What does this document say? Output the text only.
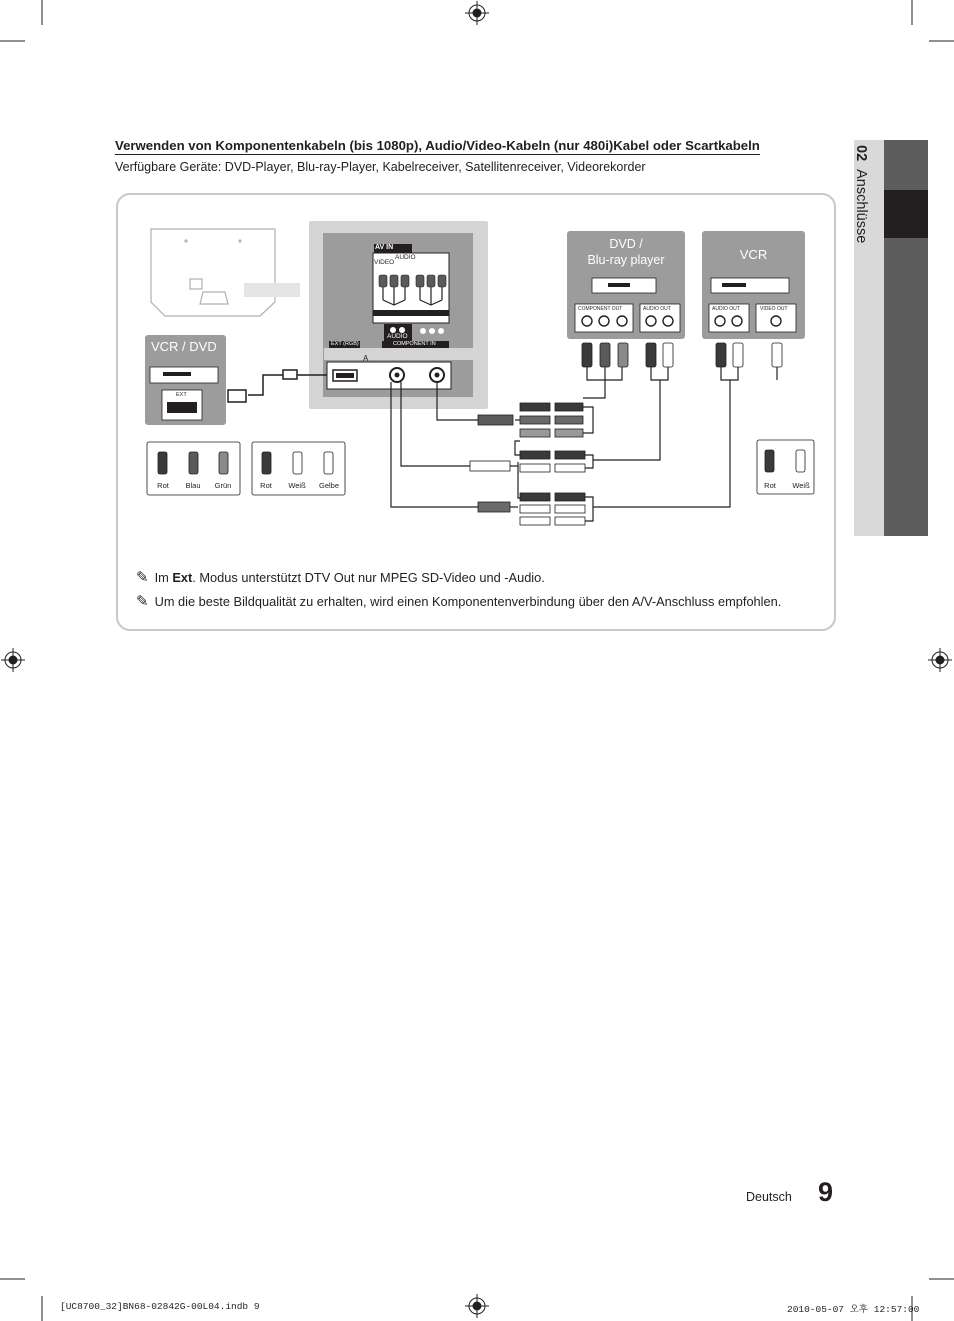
02Anschlüsse
Verwenden von Komponentenkabeln (bis 1080p), Audio/Video-Kabeln (nur 480i)Kabel oder Scartkabeln
Verfügbare Geräte: DVD-Player, Blu-ray-Player, Kabelreceiver, Satellitenreceiver, Videorekorder
A
VCR / DVD
DVD /
Blu-ray player	VCR
AV IN
VIDEO
AUDIO
AUDIO
EXT (RGB)	COMPONENT IN
EXT
COMPONENT OUT	AUDIO OUT	AUDIO OUT	VIDEO OUT
Rot	Blau	Grün	Rot	Weiß	Gelbe	Rot	Weiß
✎ Im Ext. Modus unterstützt DTV Out nur MPEG SD-Video und -Audio.
✎ Um die beste Bildqualität zu erhalten, wird einen Komponentenverbindung über den A/V-Anschluss empfohlen.
Deutsch 9
[UC8700_32]BN68-02842G-00L04.indb 9	2010-05-07 오후 12:57:00
